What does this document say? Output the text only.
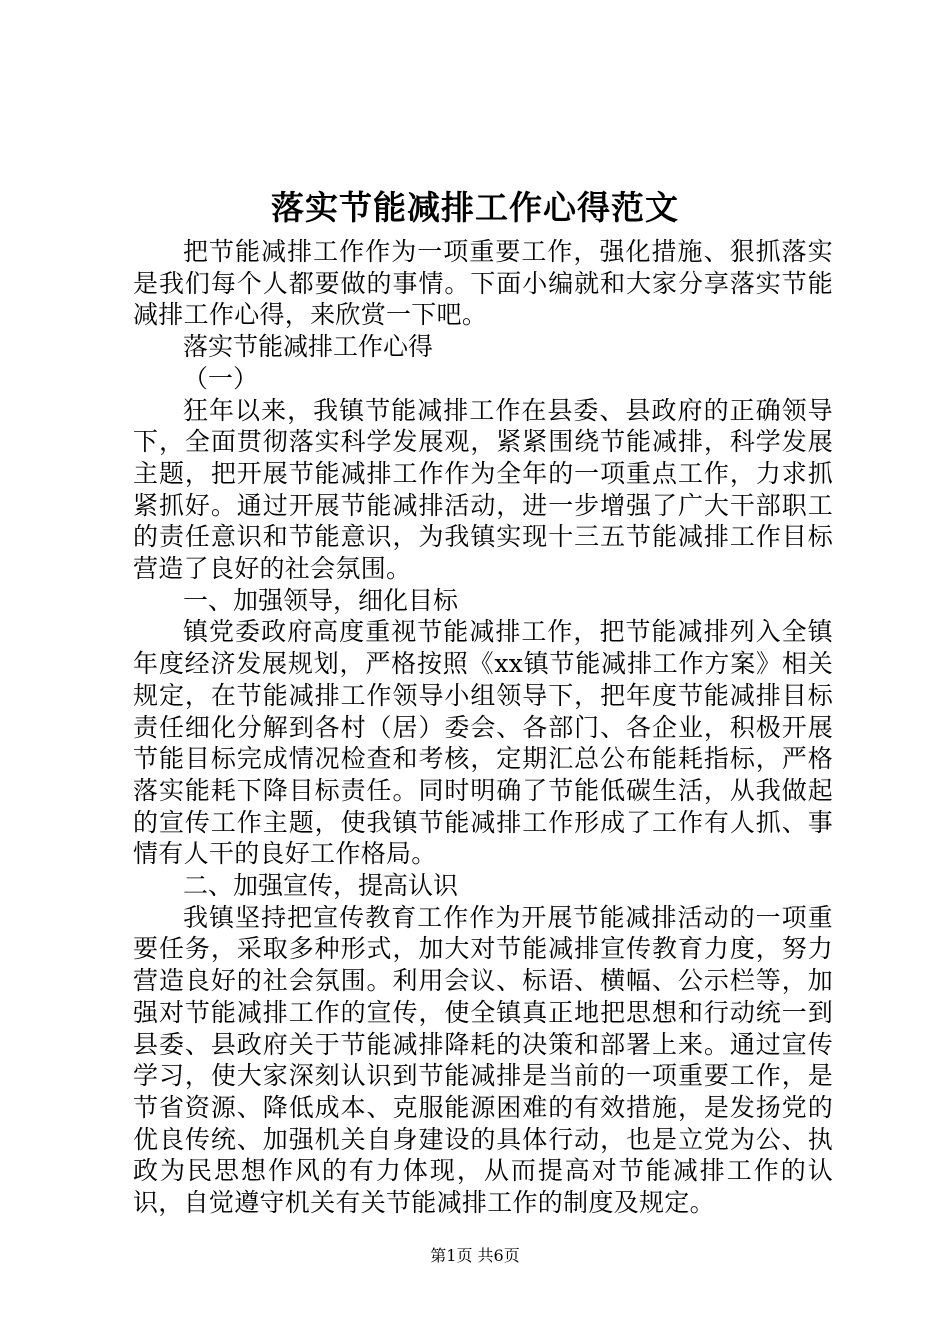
落实节能减排工作心得范文

把节能减排工作作为一项重要工作，强化措施、狠抓落实是我们每个人都要做的事情。下面小编就和大家分享落实节能减排工作心得，来欣赏一下吧。

落实节能减排工作心得

（一）

狂年以来，我镇节能减排工作在县委、县政府的正确领导下，全面贯彻落实科学发展观，紧紧围绕节能减排，科学发展主题，把开展节能减排工作作为全年的一项重点工作，力求抓紧抓好。通过开展节能减排活动，进一步增强了广大干部职工的责任意识和节能意识，为我镇实现十三五节能减排工作目标营造了良好的社会氛围。

一、加强领导，细化目标

镇党委政府高度重视节能减排工作，把节能减排列入全镇年度经济发展规划，严格按照《xx镇节能减排工作方案》相关规定，在节能减排工作领导小组领导下，把年度节能减排目标责任细化分解到各村（居）委会、各部门、各企业，积极开展节能目标完成情况检查和考核，定期汇总公布能耗指标，严格落实能耗下降目标责任。同时明确了节能低碳生活，从我做起的宣传工作主题，使我镇节能减排工作形成了工作有人抓、事情有人干的良好工作格局。

二、加强宣传，提高认识

我镇坚持把宣传教育工作作为开展节能减排活动的一项重要任务，采取多种形式，加大对节能减排宣传教育力度，努力营造良好的社会氛围。利用会议、标语、横幅、公示栏等，加强对节能减排工作的宣传，使全镇真正地把思想和行动统一到县委、县政府关于节能减排降耗的决策和部署上来。通过宣传学习，使大家深刻认识到节能减排是当前的一项重要工作，是节省资源、降低成本、克服能源困难的有效措施，是发扬党的优良传统、加强机关自身建设的具体行动，也是立党为公、执政为民思想作风的有力体现，从而提高对节能减排工作的认识，自觉遵守机关有关节能减排工作的制度及规定。

第1页 共6页
